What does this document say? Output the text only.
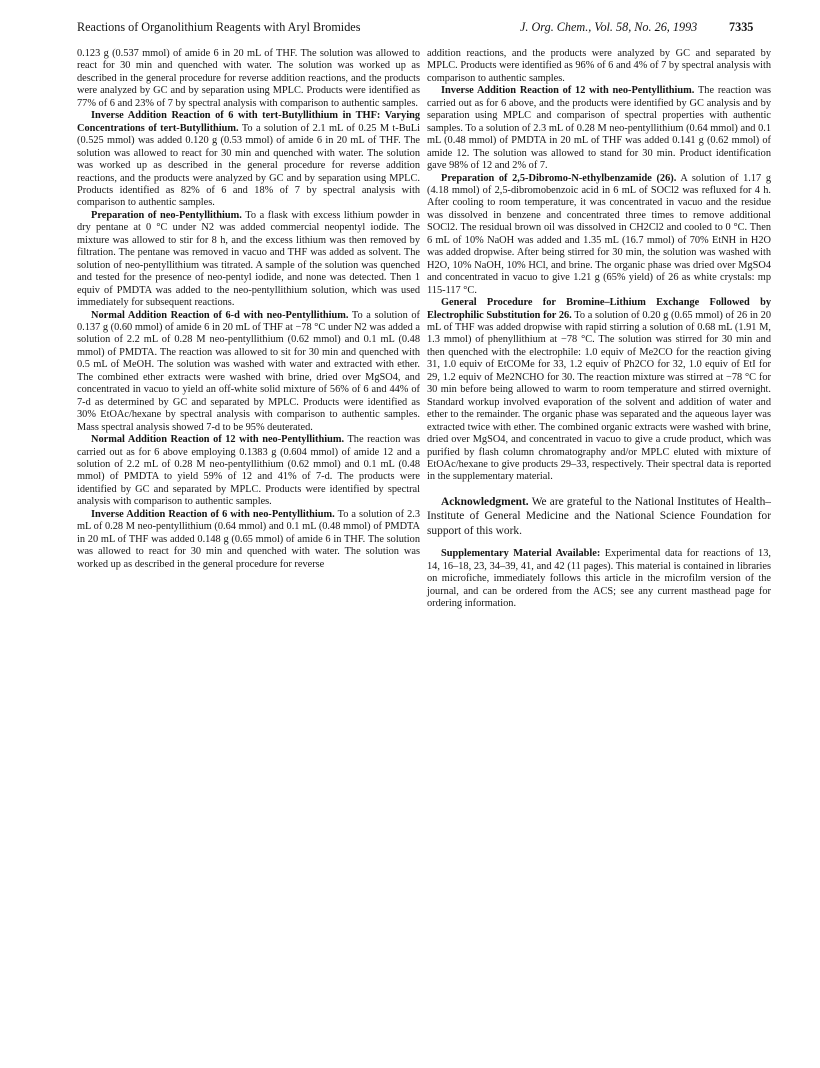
Reactions of Organolithium Reagents with Aryl Bromides	J. Org. Chem., Vol. 58, No. 26, 1993	7335

0.123 g (0.537 mmol) of amide 6 in 20 mL of THF. The solution was allowed to react for 30 min and quenched with water. The solution was worked up as described in the general procedure for reverse addition reactions, and the products were analyzed by GC and by separation using MPLC. Products were identified as 77% of 6 and 23% of 7 by spectral analysis with comparison to authentic samples.

Inverse Addition Reaction of 6 with tert-Butyllithium in THF: Varying Concentrations of tert-Butyllithium. To a solution of 2.1 mL of 0.25 M t-BuLi (0.525 mmol) was added 0.120 g (0.53 mmol) of amide 6 in 20 mL of THF. The solution was allowed to react for 30 min and quenched with water. The solution was worked up as described in the general procedure for reverse addition reactions, and the products were analyzed by GC and by separation using MPLC. Products identified as 82% of 6 and 18% of 7 by spectral analysis with comparison to authentic samples.

Preparation of neo-Pentyllithium. To a flask with excess lithium powder in dry pentane at 0 °C under N2 was added commercial neopentyl iodide. The mixture was allowed to stir for 8 h, and the excess lithium was then removed by filtration. The pentane was removed in vacuo and THF was added as solvent. The solution of neo-pentyllithium was titrated. A sample of the solution was quenched and tested for the presence of neo-pentyl iodide, and none was detected. Then 1 equiv of PMDTA was added to the neo-pentyllithium solution, which was used immediately for subsequent reactions.

Normal Addition Reaction of 6-d with neo-Pentyllithium. To a solution of 0.137 g (0.60 mmol) of amide 6 in 20 mL of THF at −78 °C under N2 was added a solution of 2.2 mL of 0.28 M neo-pentyllithium (0.62 mmol) and 0.1 mL (0.48 mmol) of PMDTA. The reaction was allowed to sit for 30 min and quenched with 0.5 mL of MeOH. The solution was washed with water and extracted with ether. The combined ether extracts were washed with brine, dried over MgSO4, and concentrated in vacuo to yield an off-white solid mixture of 56% of 6 and 44% of 7-d as determined by GC and separated by MPLC. Products were identified as 30% EtOAc/hexane by spectral analysis with comparison to authentic samples. Mass spectral analysis showed 7-d to be 95% deuterated.

Normal Addition Reaction of 12 with neo-Pentyllithium. The reaction was carried out as for 6 above employing 0.1383 g (0.604 mmol) of amide 12 and a solution of 2.2 mL of 0.28 M neo-pentyllithium (0.62 mmol) and 0.1 mL (0.48 mmol) of PMDTA to yield 59% of 12 and 41% of 7-d. The products were identified by GC and separated by MPLC. Products were identified by spectral analysis with comparison to authentic samples.

Inverse Addition Reaction of 6 with neo-Pentyllithium. To a solution of 2.3 mL of 0.28 M neo-pentyllithium (0.64 mmol) and 0.1 mL (0.48 mmol) of PMDTA in 20 mL of THF was added 0.148 g (0.65 mmol) of amide 6 in THF. The solution was allowed to react for 30 min and quenched with water. The solution was worked up as described in the general procedure for reverse

addition reactions, and the products were analyzed by GC and separated by MPLC. Products were identified as 96% of 6 and 4% of 7 by spectral analysis with comparison to authentic samples.

Inverse Addition Reaction of 12 with neo-Pentyllithium. The reaction was carried out as for 6 above, and the products were identified by GC analysis and by separation using MPLC and comparison of spectral properties with authentic samples. To a solution of 2.3 mL of 0.28 M neo-pentyllithium (0.64 mmol) and 0.1 mL (0.48 mmol) of PMDTA in 20 mL of THF was added 0.141 g (0.62 mmol) of amide 12. The solution was allowed to stand for 30 min. Product identification gave 98% of 12 and 2% of 7.

Preparation of 2,5-Dibromo-N-ethylbenzamide (26). A solution of 1.17 g (4.18 mmol) of 2,5-dibromobenzoic acid in 6 mL of SOCl2 was refluxed for 4 h. After cooling to room temperature, it was concentrated in vacuo and the residue was dissolved in benzene and concentrated three times to remove additional SOCl2. The residual brown oil was dissolved in CH2Cl2 and cooled to 0 °C. Then 6 mL of 10% NaOH was added and 1.35 mL (16.7 mmol) of 70% EtNH in H2O was added dropwise. After being stirred for 30 min, the solution was washed with H2O, 10% NaOH, 10% HCl, and brine. The organic phase was dried over MgSO4 and concentrated in vacuo to give 1.21 g (65% yield) of 26 as white crystals: mp 115-117 °C.

General Procedure for Bromine–Lithium Exchange Followed by Electrophilic Substitution for 26. To a solution of 0.20 g (0.65 mmol) of 26 in 20 mL of THF was added dropwise with rapid stirring a solution of 0.68 mL (1.91 M, 1.3 mmol) of phenyllithium at −78 °C. The solution was stirred for 30 min and then quenched with the electrophile: 1.0 equiv of Me2CO for the reaction giving 31, 1.0 equiv of EtCOMe for 33, 1.2 equiv of Ph2CO for 32, 1.0 equiv of EtI for 29, 1.2 equiv of Me2NCHO for 30. The reaction mixture was stirred at −78 °C for 30 min before being allowed to warm to room temperature and stirred overnight. Standard workup involved evaporation of the solvent and addition of water and ether to the remainder. The organic phase was separated and the aqueous layer was extracted twice with ether. The combined organic extracts were washed with brine, dried over MgSO4, and concentrated in vacuo to give a crude product, which was purified by flash column chromatography and/or MPLC eluted with mixture of EtOAc/hexane to give products 29–33, respectively. Their spectral data is reported in the supplementary material.

Acknowledgment. We are grateful to the National Institutes of Health–Institute of General Medicine and the National Science Foundation for support of this work.

Supplementary Material Available: Experimental data for reactions of 13, 14, 16–18, 23, 34–39, 41, and 42 (11 pages). This material is contained in libraries on microfiche, immediately follows this article in the microfilm version of the journal, and can be ordered from the ACS; see any current masthead page for ordering information.
